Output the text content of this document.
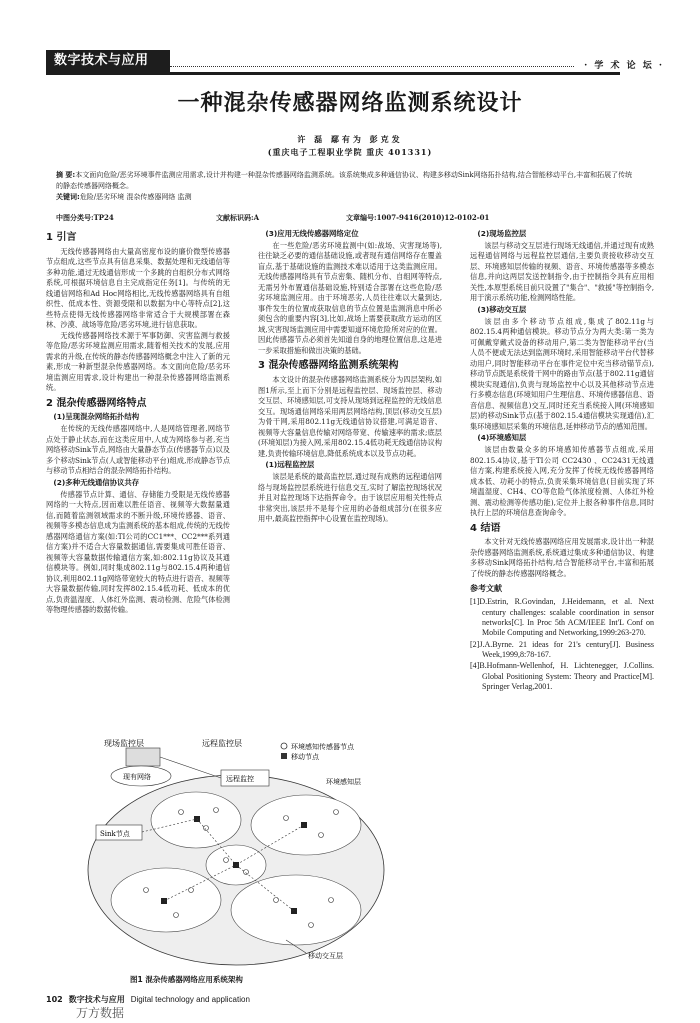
数字技术与应用	· 学 术 论 坛 ·
一种混杂传感器网络监测系统设计
许 磊 鄢有为 彭克发
(重庆电子工程职业学院 重庆 401331)
摘 要:本文面向危险/恶劣环境事件监测应用需求,设计并构建一种混杂传感器网络监测系统。该系统集成多种通信协议、构建多移动Sink网络拓扑结构,结合智能移动平台,丰富和拓展了传统的静态传感器网络概念。
关键词:危险/恶劣环境 混杂传感器网络 监测
中图分类号:TP24	文献标识码:A	文章编号:1007-9416(2010)12-0102-01
1 引言

无线传感器网络由大量高密度布设的廉价微型传感器节点组成,这些节点具有信息采集、数据处理和无线通信等多种功能,通过无线通信形成一个多跳的自组织分布式网络系统,可根据环境信息自主完成指定任务[1]。与传统的无线通信网络和Ad Hoc网络相比,无线传感器网络具有自组织性、低成本性、资源受限和以数据为中心等特点[2],这些特点使得无线传感器网络非常适合于大规模部署在森林、沙漠、战场等危险/恶劣环境,进行信息获取。

无线传感器网络技术源于军事防御、灾害监测与救援等危险/恶劣环境监测应用需求,随着相关技术的发展,应用需求的升级,在传统的静态传感器网络概念中注入了新的元素,形成一种新型混杂传感器网络。本文面向危险/恶劣环境监测应用需求,设计构建出一种混杂传感器网络监测系统。

2 混杂传感器网络特点
(1)呈现混杂网络拓扑结构

在传统的无线传感器网络中,人是网络管理者,网络节点处于静止状态,而在这类应用中,人成为网络参与者,充当网络移动Sink节点,网络由大量静态节点(传感器节点)以及多个移动Sink节点(人或智能移动平台)组成,形成静态节点与移动节点相结合的混杂网络拓扑结构。

(2)多种无线通信协议共存

传感器节点计算、通信、存储能力受限是无线传感器网络的一大特点,因而难以胜任语音、视频等大数据量通信,而随着监测领域需求的不断升级,环境传感器、语音、视频等多模态信息成为监测系统的基本组成,传统的无线传感器网络通信方案(如:TI公司的CC1***、CC2***系列通信方案)并不适合大容量数据通信,需要集成可胜任语音、视频等大容量数据传输通信方案,如:802.11g协议及其通信模块等。例如,同时集成802.11g与802.15.4两种通信协议,利用802.11g网络带宽较大的特点进行语音、视频等大容量数据传输,同时发挥802.15.4低功耗、低成本的优点,负责温湿度、人体红外监测、震动检测、危险气体检测等物理传感器的数据传输。

(3)应用无线传感器网络定位

在一些危险/恶劣环境监测中(如:战场、灾害现场等),往往缺乏必要的通信基础设施,或者现有通信网络存在覆盖盲点,基于基础设施的监测技术难以适用于这类监测应用。无线传感器网络具有节点密集、随机分布、自组网等特点,无需另外布置通信基础设施,特别适合部署在这些危险/恶劣环境监测应用。由于环境恶劣,人员往往难以大量到达,事件发生的位置成获取信息的节点位置是监测消息中所必须包含的重要内容[3],比如,战场上需要获取敌方运动的区域,灾害现场监测应用中需要知道环境危险所对应的位置。因此传感器节点必须首先知道自身的地理位置信息,这是进一步采取措施和做出决策的基础。

3 混杂传感器网络监测系统架构

本文设计的混杂传感器网络监测系统分为四层架构,如图1所示,至上而下分别是远程监控层、现场监控层、移动交互层、环境感知层,可支持从现场到远程监控的无线信息交互。现场通信网络采用两层网络结构,顶层(移动交互层)为骨干网,采用802.11g无线通信协议搭建,可满足语音、视频等大容量信息传输对网络带宽、传输速率的需求;底层(环境知层)为接入网,采用802.15.4低功耗无线通信协议构建,负责传输环境信息,降低系统成本以及节点功耗。

(1)远程监控层

该层是系统的最高监控层,通过现有成熟的远程通信网络与现场监控层系统进行信息交互,实时了解监控现场状况并且对监控现场下达指挥命令。由于该层应用相关性特点非常突出,该层并不是每个应用的必备组成部分(在很多应用中,最高监控指挥中心设置在监控现场)。

(2)现场监控层

该层与移动交互层进行现场无线通信,并通过现有成熟远程通信网络与远程监控层通信,主要负责接收移动交互层、环境感知层传输的视频、语音、环境传感器等多模态信息,并向这两层发送控制指令,由于控制指令具有应用相关性,本原型系统目前只设置了"集合"、"救援"等控制指令,用于演示系统功能,检测网络性能。

(3)移动交互层

该层由多个移动节点组成,集成了802.11g与802.15.4两种通信模块。移动节点分为两大类:第一类为可佩戴穿戴式设备的移动用户,第二类为智能移动平台(当人员不便或无法达到监测环境时,采用智能移动平台代替移动用户,同时智能移动平台在事件定位中充当移动锚节点),移动节点既是系统骨干网中的路由节点(基于802.11g通信模块实现通信),负责与现场监控中心以及其他移动节点进行多模态信息(环境知用户生理信息、环境传感器信息、语音信息、视频信息)交互,同时还充当系统接入网(环境感知层)的移动Sink节点(基于802.15.4通信模块实现通信),汇集环境感知层采集的环境信息,延伸移动节点的感知范围。

(4)环境感知层

该层由数量众多的环境感知传感器节点组成,采用802.15.4协议,基于TI公司 CC2430 、CC2431无线通信方案,构建系统接入网,充分发挥了传统无线传感器网络成本低、功耗小的特点,负责采集环境信息(目前实现了环境温湿度、CH4、CO等危险气体浓度检测、人体红外检测、震动检测等传感功能),定位并上报各种事件信息,同时执行上层的环境信息查询命令。

4 结语

本文针对无线传感器网络应用发展需求,设计出一种混杂传感器网络监测系统,系统通过集成多种通信协议、构建多移动Sink网络拓扑结构,结合智能移动平台,丰富和拓展了传统的静态传感器网络概念。

参考文献
[1]D.Estrin, R.Govindan, J.Heidemann, et al. Next century challenges: scalable coordination in sensor networks[C]. In Proc 5th ACM/IEEE Int'L Conf on Mobile Computing and Networking,1999:263-270.
[2]J.A.Byrne. 21 ideas for 21's century[J]. Business Week,1999,8:78-167.
[4]B.Hofmann-Wellenhof, H. Lichtenegger, J.Collins. Global Positioning System: Theory and Practice[M]. Springer Verlag,2001.
现场监控层	远程监控层
现有网络	远程监控
环境感知传感器节点
移动节点
Sink节点
环境感知层
移动交互层
图1 混杂传感器网络应用系统架构
102 数字技术与应用 Digital technology and application
万方数据
